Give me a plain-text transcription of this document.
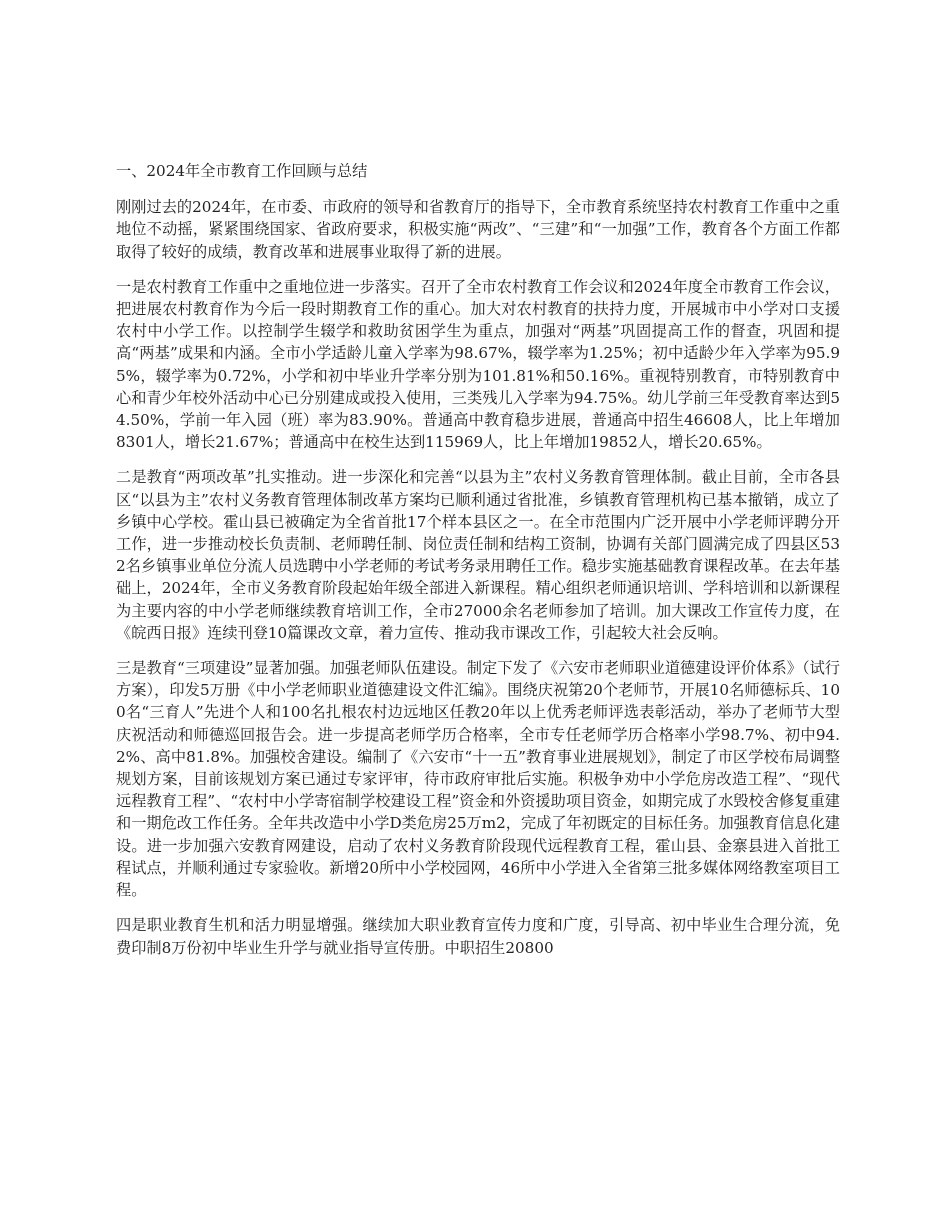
一、2024年全市教育工作回顾与总结

刚刚过去的2024年，在市委、市政府的领导和省教育厅的指导下，全市教育系统坚持农村教育工作重中之重地位不动摇，紧紧围绕国家、省政府要求，积极实施“两改”、“三建”和“一加强”工作，教育各个方面工作都取得了较好的成绩，教育改革和进展事业取得了新的进展。

一是农村教育工作重中之重地位进一步落实。召开了全市农村教育工作会议和2024年度全市教育工作会议，把进展农村教育作为今后一段时期教育工作的重心。加大对农村教育的扶持力度，开展城市中小学对口支援农村中小学工作。以控制学生辍学和救助贫困学生为重点，加强对“两基”巩固提高工作的督查，巩固和提高“两基”成果和内涵。全市小学适龄儿童入学率为98.67%，辍学率为1.25%；初中适龄少年入学率为95.95%，辍学率为0.72%，小学和初中毕业升学率分别为101.81%和50.16%。重视特别教育，市特别教育中心和青少年校外活动中心已分别建成或投入使用，三类残儿入学率为94.75%。幼儿学前三年受教育率达到54.50%，学前一年入园（班）率为83.90%。普通高中教育稳步进展，普通高中招生46608人，比上年增加8301人，增长21.67%；普通高中在校生达到115969人，比上年增加19852人，增长20.65%。

二是教育“两项改革”扎实推动。进一步深化和完善“以县为主”农村义务教育管理体制。截止目前，全市各县区“以县为主”农村义务教育管理体制改革方案均已顺利通过省批准，乡镇教育管理机构已基本撤销，成立了乡镇中心学校。霍山县已被确定为全省首批17个样本县区之一。在全市范围内广泛开展中小学老师评聘分开工作，进一步推动校长负责制、老师聘任制、岗位责任制和结构工资制，协调有关部门圆满完成了四县区532名乡镇事业单位分流人员选聘中小学老师的考试考务录用聘任工作。稳步实施基础教育课程改革。在去年基础上，2024年，全市义务教育阶段起始年级全部进入新课程。精心组织老师通识培训、学科培训和以新课程为主要内容的中小学老师继续教育培训工作，全市27000余名老师参加了培训。加大课改工作宣传力度，在《皖西日报》连续刊登10篇课改文章，着力宣传、推动我市课改工作，引起较大社会反响。

三是教育“三项建设”显著加强。加强老师队伍建设。制定下发了《六安市老师职业道德建设评价体系》（试行方案），印发5万册《中小学老师职业道德建设文件汇编》。围绕庆祝第20个老师节，开展10名师德标兵、100名“三育人”先进个人和100名扎根农村边远地区任教20年以上优秀老师评选表彰活动，举办了老师节大型庆祝活动和师德巡回报告会。进一步提高老师学历合格率，全市专任老师学历合格率小学98.7%、初中94.2%、高中81.8%。加强校舍建设。编制了《六安市“十一五”教育事业进展规划》，制定了市区学校布局调整规划方案，目前该规划方案已通过专家评审，待市政府审批后实施。积极争劝中小学危房改造工程”、“现代远程教育工程”、“农村中小学寄宿制学校建设工程”资金和外资援助项目资金，如期完成了水毁校舍修复重建和一期危改工作任务。全年共改造中小学D类危房25万m2，完成了年初既定的目标任务。加强教育信息化建设。进一步加强六安教育网建设，启动了农村义务教育阶段现代远程教育工程，霍山县、金寨县进入首批工程试点，并顺利通过专家验收。新增20所中小学校园网，46所中小学进入全省第三批多媒体网络教室项目工程。

四是职业教育生机和活力明显增强。继续加大职业教育宣传力度和广度，引导高、初中毕业生合理分流，免费印制8万份初中毕业生升学与就业指导宣传册。中职招生20800
